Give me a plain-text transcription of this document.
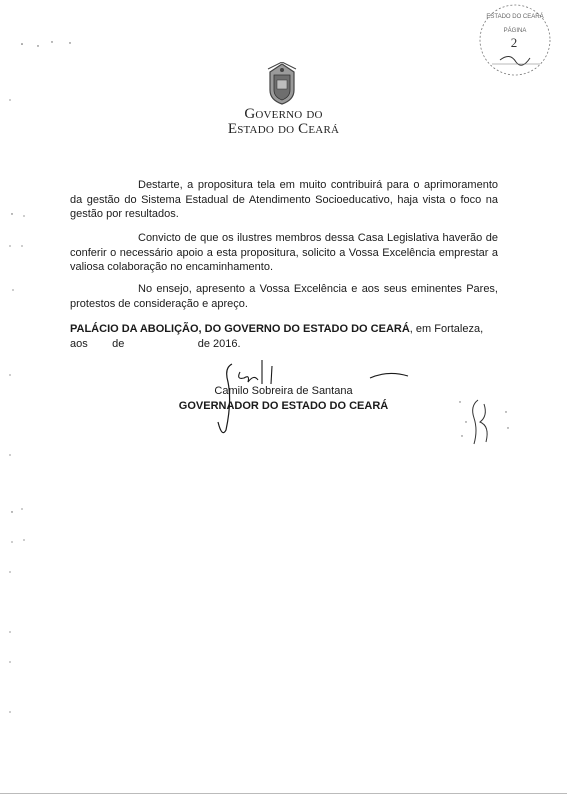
Governo do
Estado do Ceará
ESTADO DO CEARÁ
PÁGINA
2
Destarte, a propositura tela em muito contribuirá para o aprimoramento da gestão do Sistema Estadual de Atendimento Socioeducativo, haja vista o foco na gestão por resultados.
Convicto de que os ilustres membros dessa Casa Legislativa haverão de conferir o necessário apoio a esta propositura, solicito a Vossa Excelência emprestar a valiosa colaboração no encaminhamento.
No ensejo, apresento a Vossa Excelência e aos seus eminentes Pares, protestos de consideração e apreço.
PALÁCIO DA ABOLIÇÃO, DO GOVERNO DO ESTADO DO CEARÁ, em Fortaleza, aos        de                        de 2016.
Camilo Sobreira de Santana
GOVERNADOR DO ESTADO DO CEARÁ
